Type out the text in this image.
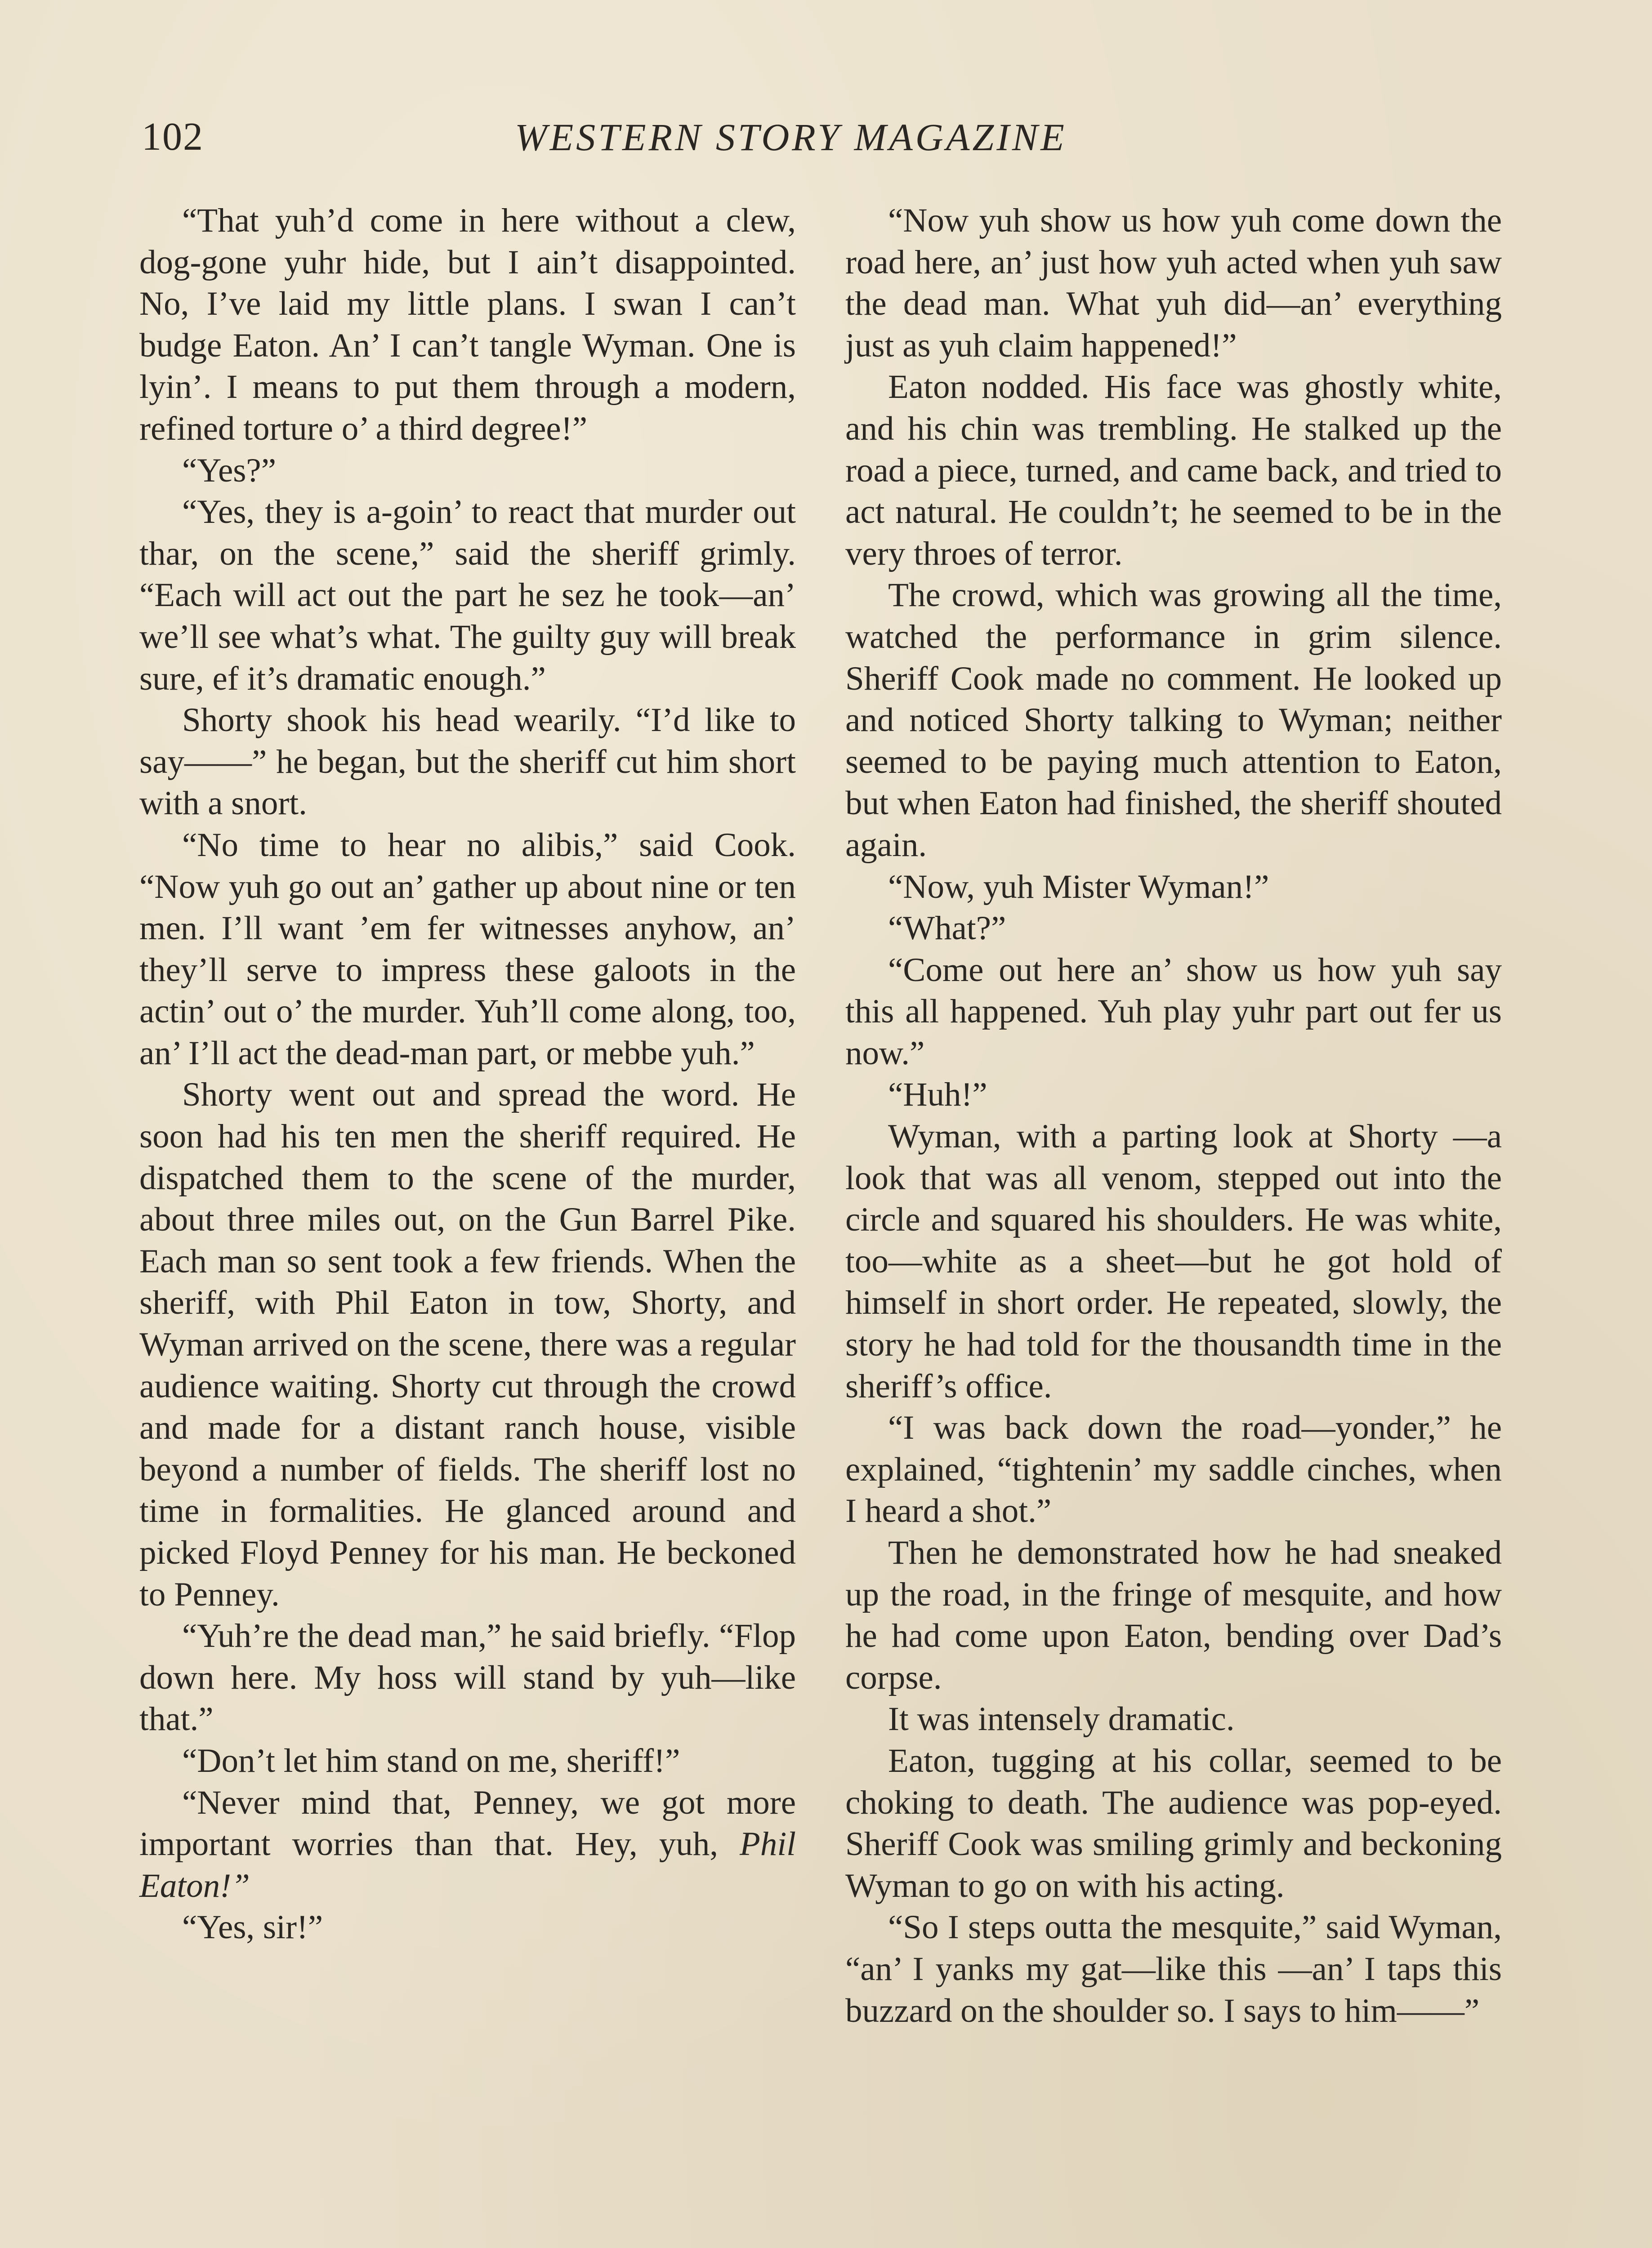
102	WESTERN STORY MAGAZINE

“That yuh’d come in here without a clew, dog-gone yuhr hide, but I ain’t disappointed. No, I’ve laid my little plans. I swan I can’t budge Eaton. An’ I can’t tangle Wyman. One is lyin’. I means to put them through a modern, refined torture o’ a third degree!”

“Yes?”

“Yes, they is a-goin’ to react that murder out thar, on the scene,” said the sheriff grimly. “Each will act out the part he sez he took—an’ we’ll see what’s what. The guilty guy will break sure, ef it’s dramatic enough.”

Shorty shook his head wearily. “I’d like to say——” he began, but the sheriff cut him short with a snort.

“No time to hear no alibis,” said Cook. “Now yuh go out an’ gather up about nine or ten men. I’ll want ’em fer witnesses anyhow, an’ they’ll serve to impress these galoots in the actin’ out o’ the murder. Yuh’ll come along, too, an’ I’ll act the dead-man part, or mebbe yuh.”

Shorty went out and spread the word. He soon had his ten men the sheriff required. He dispatched them to the scene of the murder, about three miles out, on the Gun Barrel Pike. Each man so sent took a few friends. When the sheriff, with Phil Eaton in tow, Shorty, and Wyman arrived on the scene, there was a regular audience waiting. Shorty cut through the crowd and made for a distant ranch house, visible beyond a number of fields. The sheriff lost no time in formalities. He glanced around and picked Floyd Penney for his man. He beckoned to Penney.

“Yuh’re the dead man,” he said briefly. “Flop down here. My hoss will stand by yuh—like that.”

“Don’t let him stand on me, sheriff!”

“Never mind that, Penney, we got more important worries than that. Hey, yuh, Phil Eaton!”

“Yes, sir!”

“Now yuh show us how yuh come down the road here, an’ just how yuh acted when yuh saw the dead man. What yuh did—an’ everything just as yuh claim happened!”

Eaton nodded. His face was ghostly white, and his chin was trembling. He stalked up the road a piece, turned, and came back, and tried to act natural. He couldn’t; he seemed to be in the very throes of terror.

The crowd, which was growing all the time, watched the performance in grim silence. Sheriff Cook made no comment. He looked up and noticed Shorty talking to Wyman; neither seemed to be paying much attention to Eaton, but when Eaton had finished, the sheriff shouted again.

“Now, yuh Mister Wyman!”

“What?”

“Come out here an’ show us how yuh say this all happened. Yuh play yuhr part out fer us now.”

“Huh!”

Wyman, with a parting look at Shorty —a look that was all venom, stepped out into the circle and squared his shoulders. He was white, too—white as a sheet—but he got hold of himself in short order. He repeated, slowly, the story he had told for the thousandth time in the sheriff’s office.

“I was back down the road—yonder,” he explained, “tightenin’ my saddle cinches, when I heard a shot.”

Then he demonstrated how he had sneaked up the road, in the fringe of mesquite, and how he had come upon Eaton, bending over Dad’s corpse.

It was intensely dramatic.

Eaton, tugging at his collar, seemed to be choking to death. The audience was pop-eyed. Sheriff Cook was smiling grimly and beckoning Wyman to go on with his acting.

“So I steps outta the mesquite,” said Wyman, “an’ I yanks my gat—like this —an’ I taps this buzzard on the shoulder so. I says to him——”
